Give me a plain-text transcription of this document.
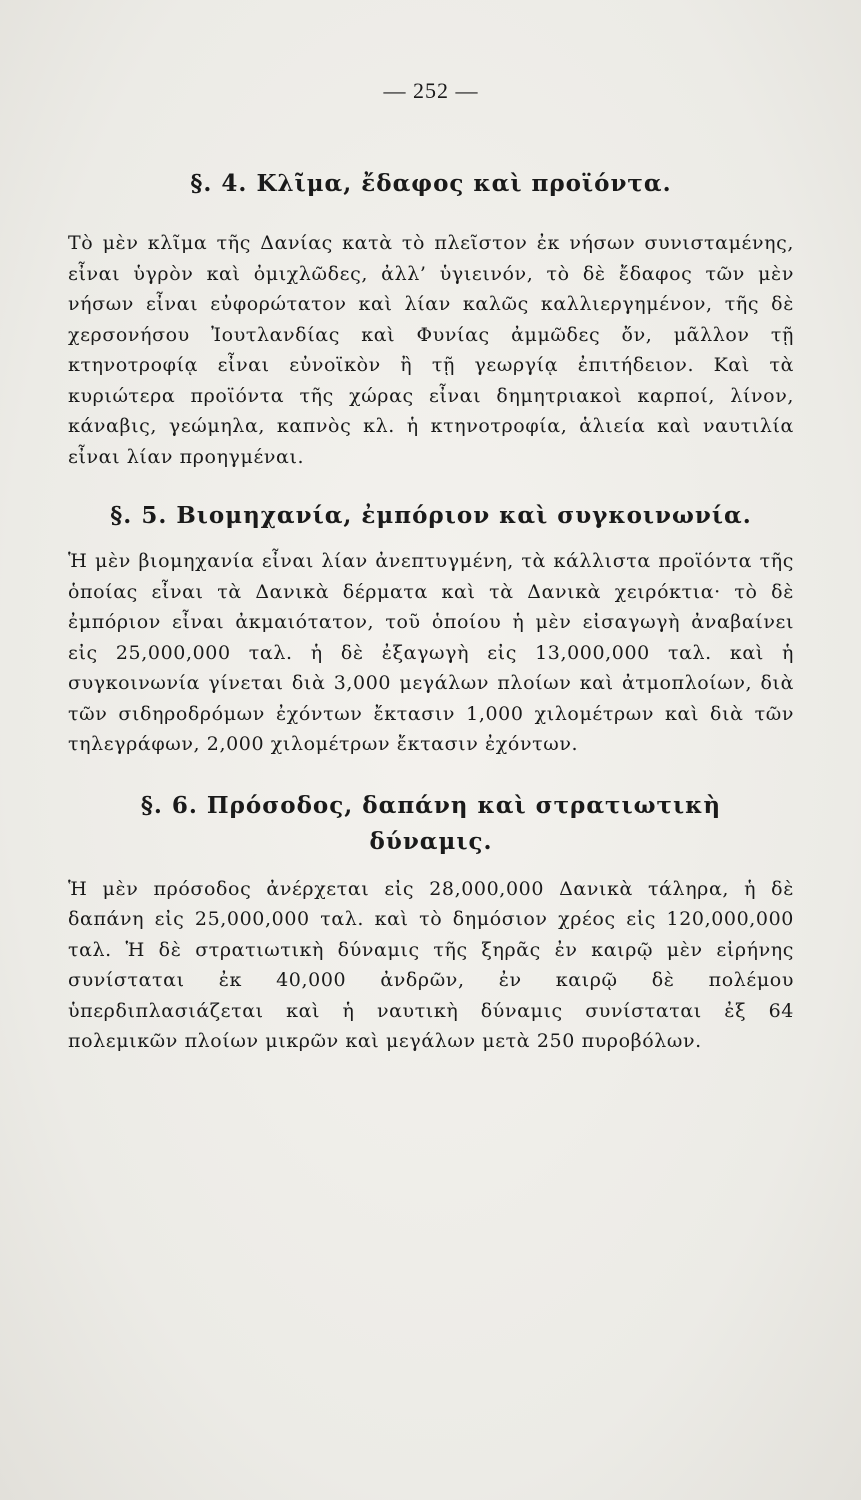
— 252 —
§. 4. Κλῖμα, ἔδαφος καὶ προϊόντα.

Τὸ μὲν κλῖμα τῆς Δανίας κατὰ τὸ πλεῖστον ἐκ νήσων συνισταμένης, εἶναι ὑγρὸν καὶ ὀμιχλῶδες, ἀλλ’ ὑγιεινόν, τὸ δὲ ἔδαφος τῶν μὲν νήσων εἶναι εὐφορώτατον καὶ λίαν καλῶς καλλιεργημένον, τῆς δὲ χερσονήσου Ἰουτλανδίας καὶ Φυνίας ἀμμῶδες ὄν, μᾶλλον τῇ κτηνοτροφίᾳ εἶναι εὐνοϊκὸν ἢ τῇ γεωργίᾳ ἐπιτήδειον. Καὶ τὰ κυριώτερα προϊόντα τῆς χώρας εἶναι δημητριακοὶ καρποί, λίνον, κάναβις, γεώμηλα, καπνὸς κλ. ἡ κτηνοτροφία, ἁλιεία καὶ ναυτιλία εἶναι λίαν προηγμέναι.

§. 5. Βιομηχανία, ἐμπόριον καὶ συγκοινωνία.

Ἡ μὲν βιομηχανία εἶναι λίαν ἀνεπτυγμένη, τὰ κάλλιστα προϊόντα τῆς ὁποίας εἶναι τὰ Δανικὰ δέρματα καὶ τὰ Δανικὰ χειρόκτια· τὸ δὲ ἐμπόριον εἶναι ἀκμαιότατον, τοῦ ὁποίου ἡ μὲν εἰσαγωγὴ ἀναβαίνει εἰς 25,000,000 ταλ. ἡ δὲ ἐξαγωγὴ εἰς 13,000,000 ταλ. καὶ ἡ συγκοινωνία γίνεται διὰ 3,000 μεγάλων πλοίων καὶ ἀτμοπλοίων, διὰ τῶν σιδηροδρόμων ἐχόντων ἔκτασιν 1,000 χιλομέτρων καὶ διὰ τῶν τηλεγράφων, 2,000 χιλομέτρων ἔκτασιν ἐχόντων.

§. 6. Πρόσοδος, δαπάνη καὶ στρατιωτικὴ δύναμις.

Ἡ μὲν πρόσοδος ἀνέρχεται εἰς 28,000,000 Δανικὰ τάληρα, ἡ δὲ δαπάνη εἰς 25,000,000 ταλ. καὶ τὸ δημόσιον χρέος εἰς 120,000,000 ταλ. Ἡ δὲ στρατιωτικὴ δύναμις τῆς ξηρᾶς ἐν καιρῷ μὲν εἰρήνης συνίσταται ἐκ 40,000 ἀνδρῶν, ἐν καιρῷ δὲ πολέμου ὑπερδιπλασιάζεται καὶ ἡ ναυτικὴ δύναμις συνίσταται ἐξ 64 πολεμικῶν πλοίων μικρῶν καὶ μεγάλων μετὰ 250 πυροβόλων.
